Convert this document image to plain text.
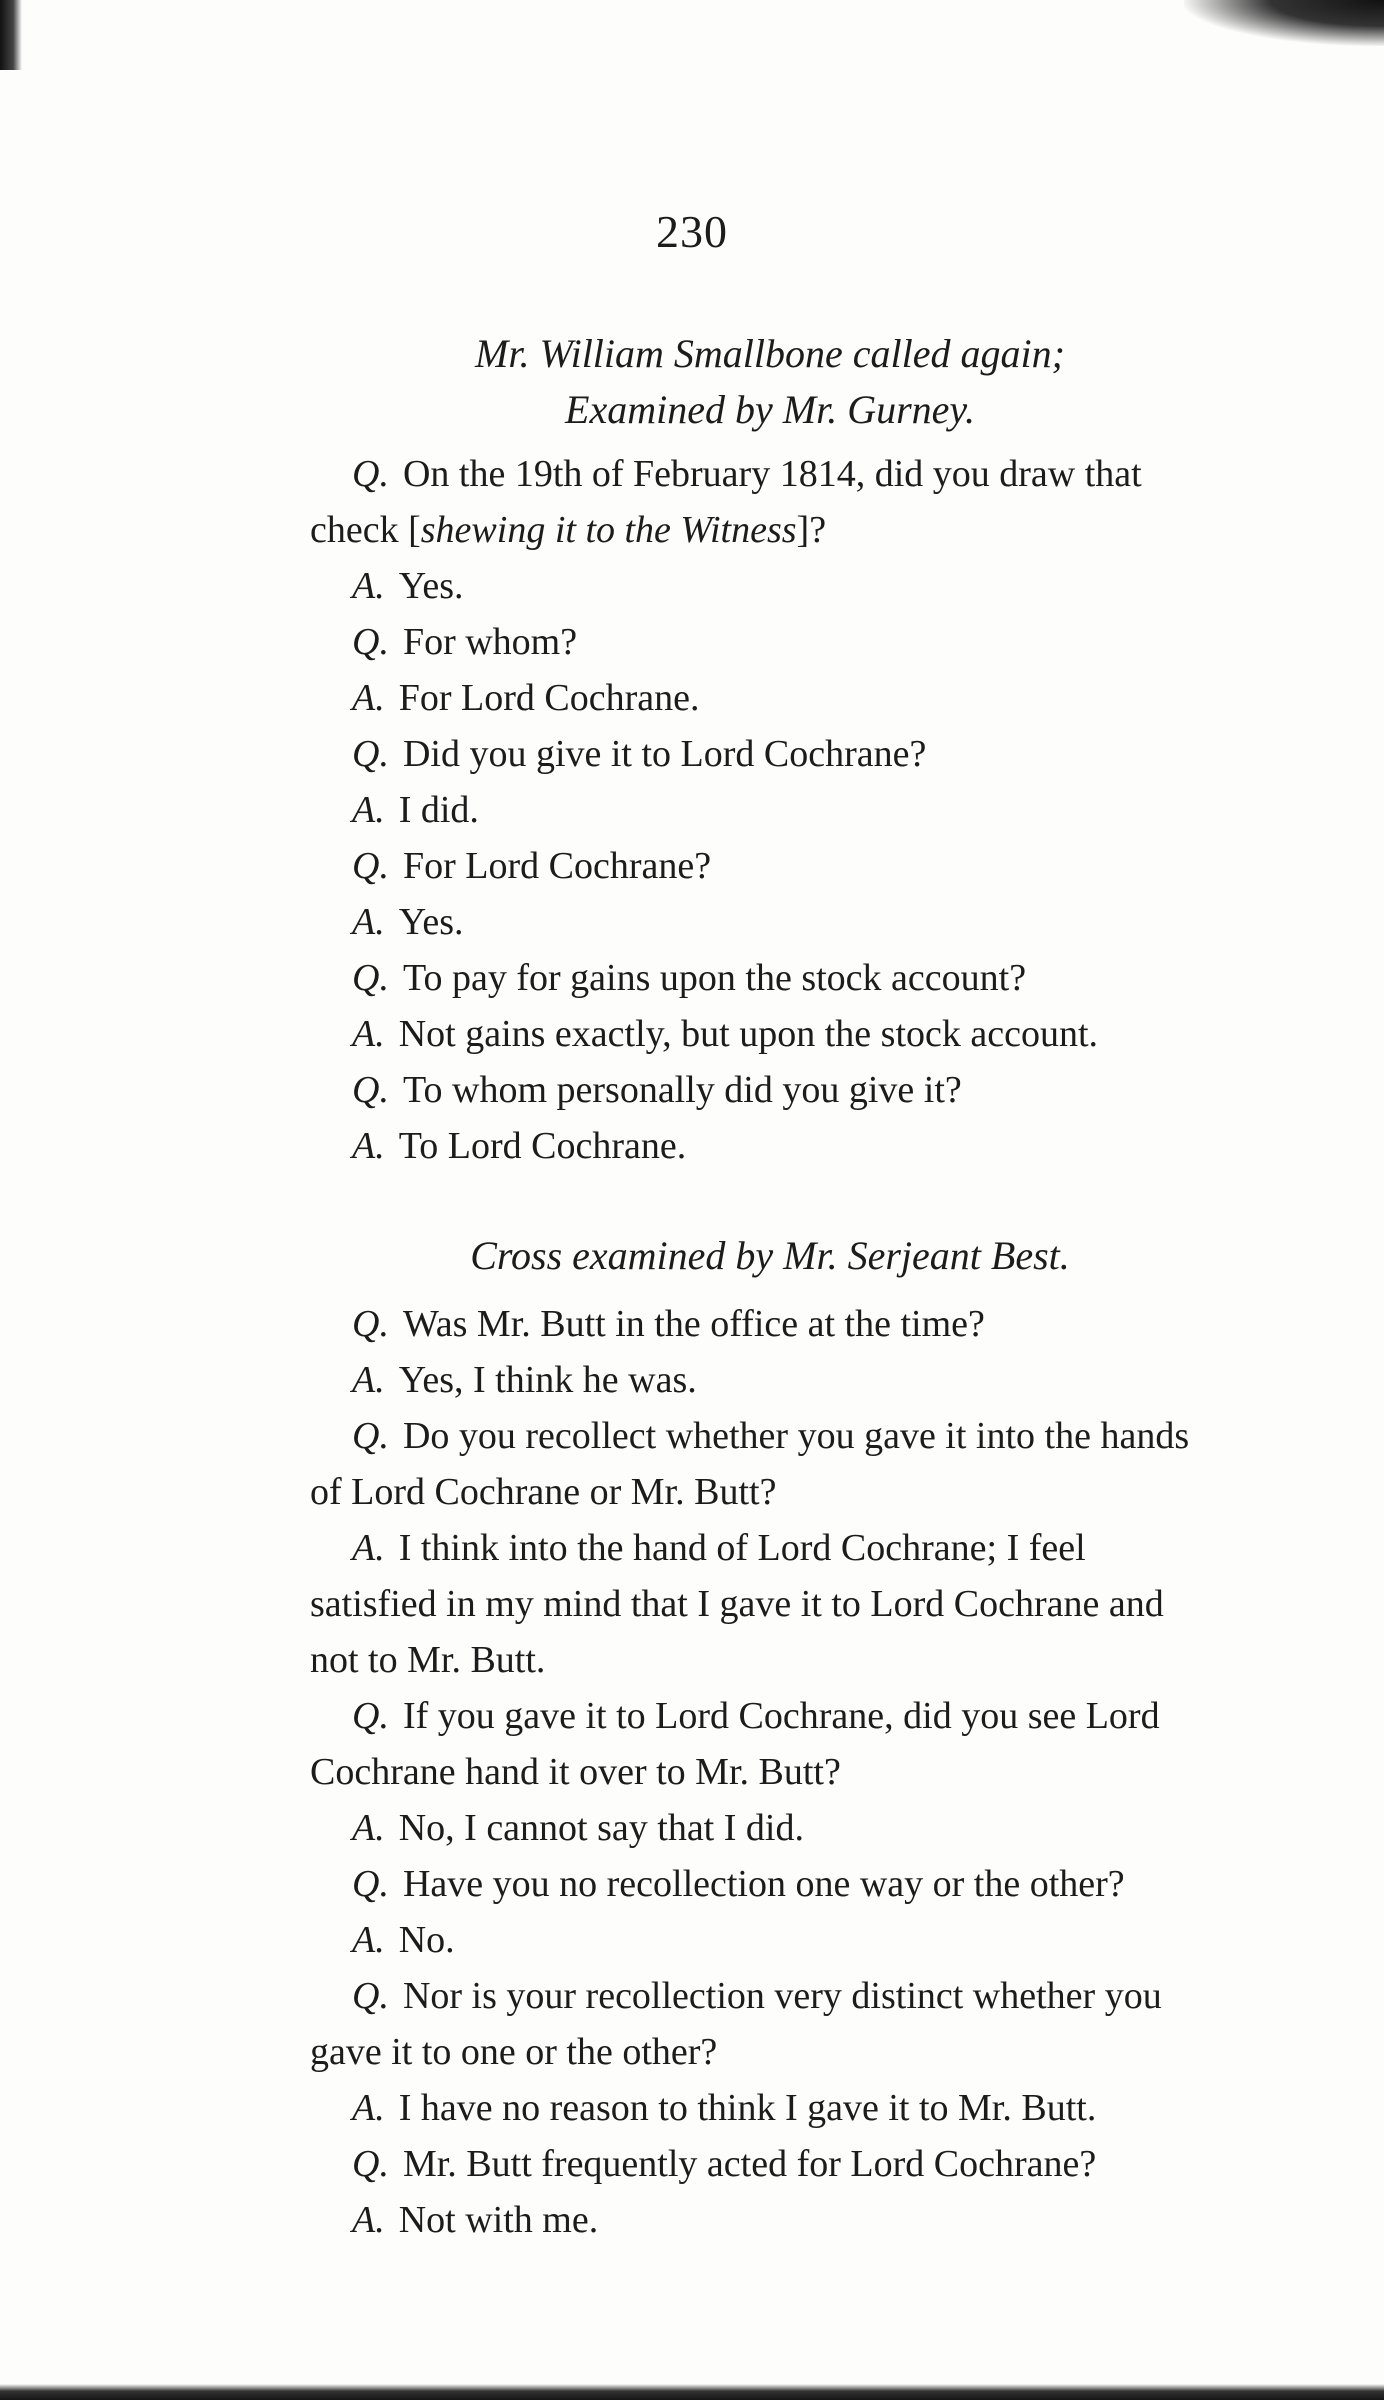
230
Mr. William Smallbone called again;
Examined by Mr. Gurney.
Q. On the 19th of February 1814, did you draw that
check [shewing it to the Witness]?
A. Yes.
Q. For whom?
A. For Lord Cochrane.
Q. Did you give it to Lord Cochrane?
A. I did.
Q. For Lord Cochrane?
A. Yes.
Q. To pay for gains upon the stock account?
A. Not gains exactly, but upon the stock account.
Q. To whom personally did you give it?
A. To Lord Cochrane.
Cross examined by Mr. Serjeant Best.
Q. Was Mr. Butt in the office at the time?
A. Yes, I think he was.
Q. Do you recollect whether you gave it into the hands
of Lord Cochrane or Mr. Butt?
A. I think into the hand of Lord Cochrane; I feel
satisfied in my mind that I gave it to Lord Cochrane and
not to Mr. Butt.
Q. If you gave it to Lord Cochrane, did you see Lord
Cochrane hand it over to Mr. Butt?
A. No, I cannot say that I did.
Q. Have you no recollection one way or the other?
A. No.
Q. Nor is your recollection very distinct whether you
gave it to one or the other?
A. I have no reason to think I gave it to Mr. Butt.
Q. Mr. Butt frequently acted for Lord Cochrane?
A. Not with me.
